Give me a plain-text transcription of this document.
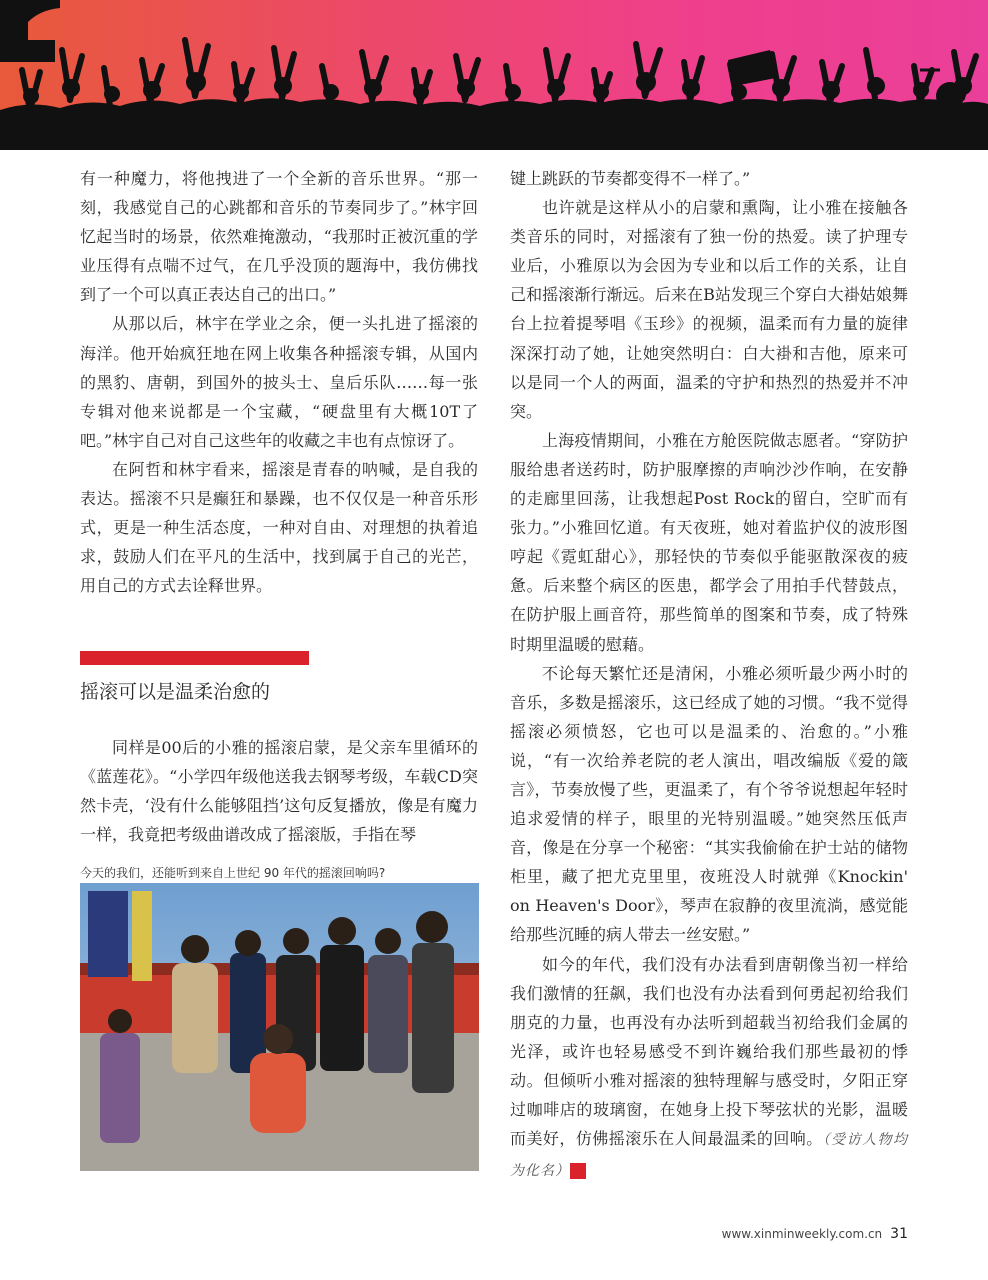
有一种魔力，将他拽进了一个全新的音乐世界。“那一刻，我感觉自己的心跳都和音乐的节奏同步了。”林宇回忆起当时的场景，依然难掩激动，“我那时正被沉重的学业压得有点喘不过气，在几乎没顶的题海中，我仿佛找到了一个可以真正表达自己的出口。”

从那以后，林宇在学业之余，便一头扎进了摇滚的海洋。他开始疯狂地在网上收集各种摇滚专辑，从国内的黑豹、唐朝，到国外的披头士、皇后乐队……每一张专辑对他来说都是一个宝藏，“硬盘里有大概10T了吧。”林宇自己对自己这些年的收藏之丰也有点惊讶了。

在阿哲和林宇看来，摇滚是青春的呐喊，是自我的表达。摇滚不只是癫狂和暴躁，也不仅仅是一种音乐形式，更是一种生活态度，一种对自由、对理想的执着追求，鼓励人们在平凡的生活中，找到属于自己的光芒，用自己的方式去诠释世界。

摇滚可以是温柔治愈的

同样是00后的小雅的摇滚启蒙，是父亲车里循环的《蓝莲花》。“小学四年级他送我去钢琴考级，车载CD突然卡壳，‘没有什么能够阻挡’这句反复播放，像是有魔力一样，我竟把考级曲谱改成了摇滚版，手指在琴

今天的我们，还能听到来自上世纪 90 年代的摇滚回响吗?

键上跳跃的节奏都变得不一样了。”

也许就是这样从小的启蒙和熏陶，让小雅在接触各类音乐的同时，对摇滚有了独一份的热爱。读了护理专业后，小雅原以为会因为专业和以后工作的关系，让自己和摇滚渐行渐远。后来在B站发现三个穿白大褂姑娘舞台上拉着提琴唱《玉珍》的视频，温柔而有力量的旋律深深打动了她，让她突然明白：白大褂和吉他，原来可以是同一个人的两面，温柔的守护和热烈的热爱并不冲突。

上海疫情期间，小雅在方舱医院做志愿者。“穿防护服给患者送药时，防护服摩擦的声响沙沙作响，在安静的走廊里回荡，让我想起Post Rock的留白，空旷而有张力。”小雅回忆道。有天夜班，她对着监护仪的波形图哼起《霓虹甜心》，那轻快的节奏似乎能驱散深夜的疲惫。后来整个病区的医患，都学会了用拍手代替鼓点，在防护服上画音符，那些简单的图案和节奏，成了特殊时期里温暖的慰藉。

不论每天繁忙还是清闲，小雅必须听最少两小时的音乐，多数是摇滚乐，这已经成了她的习惯。“我不觉得摇滚必须愤怒，它也可以是温柔的、治愈的。”小雅说，“有一次给养老院的老人演出，唱改编版《爱的箴言》，节奏放慢了些，更温柔了，有个爷爷说想起年轻时追求爱情的样子，眼里的光特别温暖。”她突然压低声音，像是在分享一个秘密：“其实我偷偷在护士站的储物柜里，藏了把尤克里里，夜班没人时就弹《Knockin' on Heaven's Door》，琴声在寂静的夜里流淌，感觉能给那些沉睡的病人带去一丝安慰。”

如今的年代，我们没有办法看到唐朝像当初一样给我们激情的狂飙，我们也没有办法看到何勇起初给我们朋克的力量，也再没有办法听到超载当初给我们金属的光泽，或许也轻易感受不到许巍给我们那些最初的悸动。但倾听小雅对摇滚的独特理解与感受时，夕阳正穿过咖啡店的玻璃窗，在她身上投下琴弦状的光影，温暖而美好，仿佛摇滚乐在人间最温柔的回响。（受访人物均为化名）	民

www.xinminweekly.com.cn 31
